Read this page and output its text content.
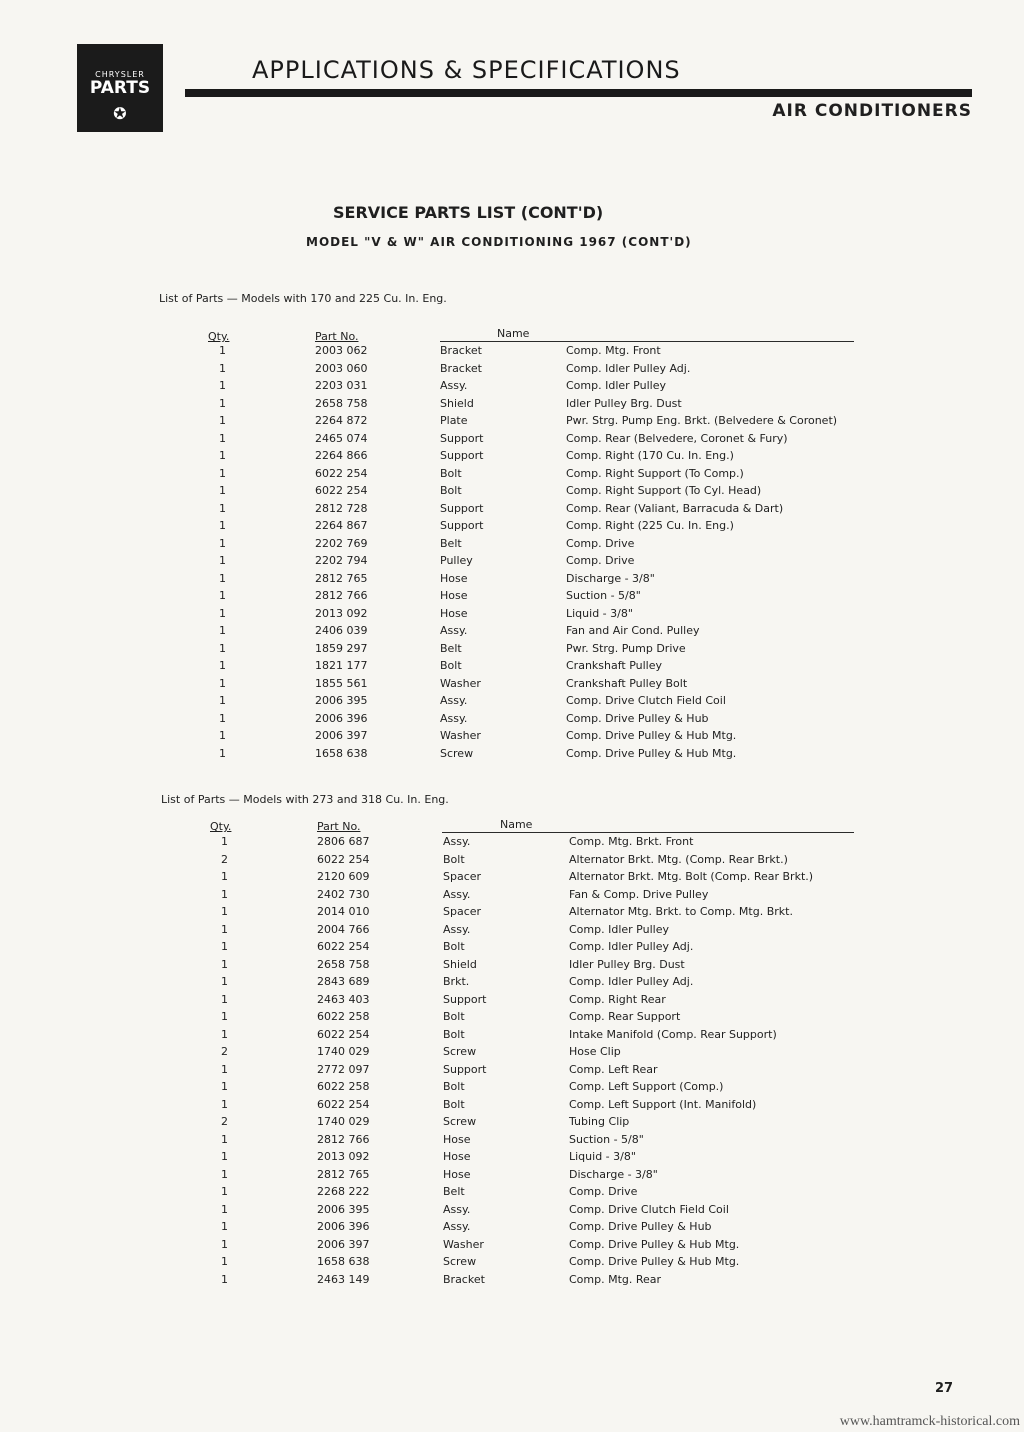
CHRYSLER
PARTS
✪
APPLICATIONS & SPECIFICATIONS
AIR CONDITIONERS
SERVICE PARTS LIST (CONT'D)
MODEL "V & W" AIR CONDITIONING 1967 (CONT'D)
List of Parts — Models with 170 and 225 Cu. In. Eng.
Qty.	Part No.	Name
1	2003 062	Bracket	Comp. Mtg. Front
1	2003 060	Bracket	Comp. Idler Pulley Adj.
1	2203 031	Assy.	Comp. Idler Pulley
1	2658 758	Shield	Idler Pulley Brg. Dust
1	2264 872	Plate	Pwr. Strg. Pump Eng. Brkt. (Belvedere & Coronet)
1	2465 074	Support	Comp. Rear (Belvedere, Coronet & Fury)
1	2264 866	Support	Comp. Right (170 Cu. In. Eng.)
1	6022 254	Bolt	Comp. Right Support (To Comp.)
1	6022 254	Bolt	Comp. Right Support (To Cyl. Head)
1	2812 728	Support	Comp. Rear (Valiant, Barracuda & Dart)
1	2264 867	Support	Comp. Right (225 Cu. In. Eng.)
1	2202 769	Belt	Comp. Drive
1	2202 794	Pulley	Comp. Drive
1	2812 765	Hose	Discharge - 3/8"
1	2812 766	Hose	Suction - 5/8"
1	2013 092	Hose	Liquid - 3/8"
1	2406 039	Assy.	Fan and Air Cond. Pulley
1	1859 297	Belt	Pwr. Strg. Pump Drive
1	1821 177	Bolt	Crankshaft Pulley
1	1855 561	Washer	Crankshaft Pulley Bolt
1	2006 395	Assy.	Comp. Drive Clutch Field Coil
1	2006 396	Assy.	Comp. Drive Pulley & Hub
1	2006 397	Washer	Comp. Drive Pulley & Hub Mtg.
1	1658 638	Screw	Comp. Drive Pulley & Hub Mtg.
List of Parts — Models with 273 and 318 Cu. In. Eng.
Qty.	Part No.	Name
1	2806 687	Assy.	Comp. Mtg. Brkt. Front
2	6022 254	Bolt	Alternator Brkt. Mtg. (Comp. Rear Brkt.)
1	2120 609	Spacer	Alternator Brkt. Mtg. Bolt (Comp. Rear Brkt.)
1	2402 730	Assy.	Fan & Comp. Drive Pulley
1	2014 010	Spacer	Alternator Mtg. Brkt. to Comp. Mtg. Brkt.
1	2004 766	Assy.	Comp. Idler Pulley
1	6022 254	Bolt	Comp. Idler Pulley Adj.
1	2658 758	Shield	Idler Pulley Brg. Dust
1	2843 689	Brkt.	Comp. Idler Pulley Adj.
1	2463 403	Support	Comp. Right Rear
1	6022 258	Bolt	Comp. Rear Support
1	6022 254	Bolt	Intake Manifold (Comp. Rear Support)
2	1740 029	Screw	Hose Clip
1	2772 097	Support	Comp. Left Rear
1	6022 258	Bolt	Comp. Left Support (Comp.)
1	6022 254	Bolt	Comp. Left Support (Int. Manifold)
2	1740 029	Screw	Tubing Clip
1	2812 766	Hose	Suction - 5/8"
1	2013 092	Hose	Liquid - 3/8"
1	2812 765	Hose	Discharge - 3/8"
1	2268 222	Belt	Comp. Drive
1	2006 395	Assy.	Comp. Drive Clutch Field Coil
1	2006 396	Assy.	Comp. Drive Pulley & Hub
1	2006 397	Washer	Comp. Drive Pulley & Hub Mtg.
1	1658 638	Screw	Comp. Drive Pulley & Hub Mtg.
1	2463 149	Bracket	Comp. Mtg. Rear
27
www.hamtramck-historical.com
